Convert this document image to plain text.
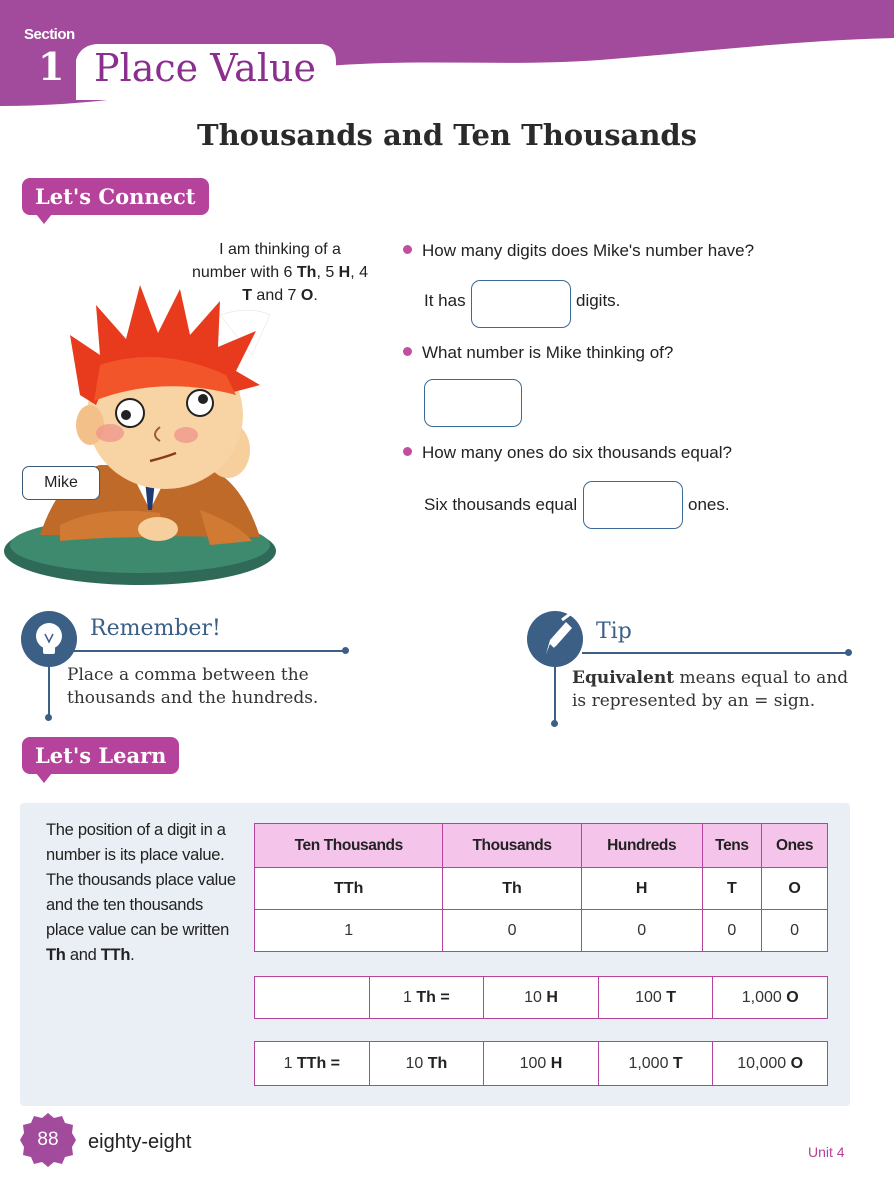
Section
1 Place Value
Thousands and Ten Thousands
Let's Connect
I am thinking of a number with 6 Th, 5 H, 4 T and 7 O.
Mike
How many digits does Mike's number have?
It has	digits.
What number is Mike thinking of?
How many ones do six thousands equal?
Six thousands equal	ones.
Remember!
Place a comma between the
thousands and the hundreds.
Tip
Equivalent means equal to and
is represented by an = sign.
Let's Learn
The position of a digit in a number is its place value. The thousands place value and the ten thousands place value can be written Th and TTh.
Ten Thousands	Thousands	Hundreds	Tens	Ones
TTh	Th	H	T	O
1	0	0	0	0
	1 Th =	10 H	100 T	1,000 O
1 TTh =	10 Th	100 H	1,000 T	10,000 O
88	eighty-eight	Unit 4
